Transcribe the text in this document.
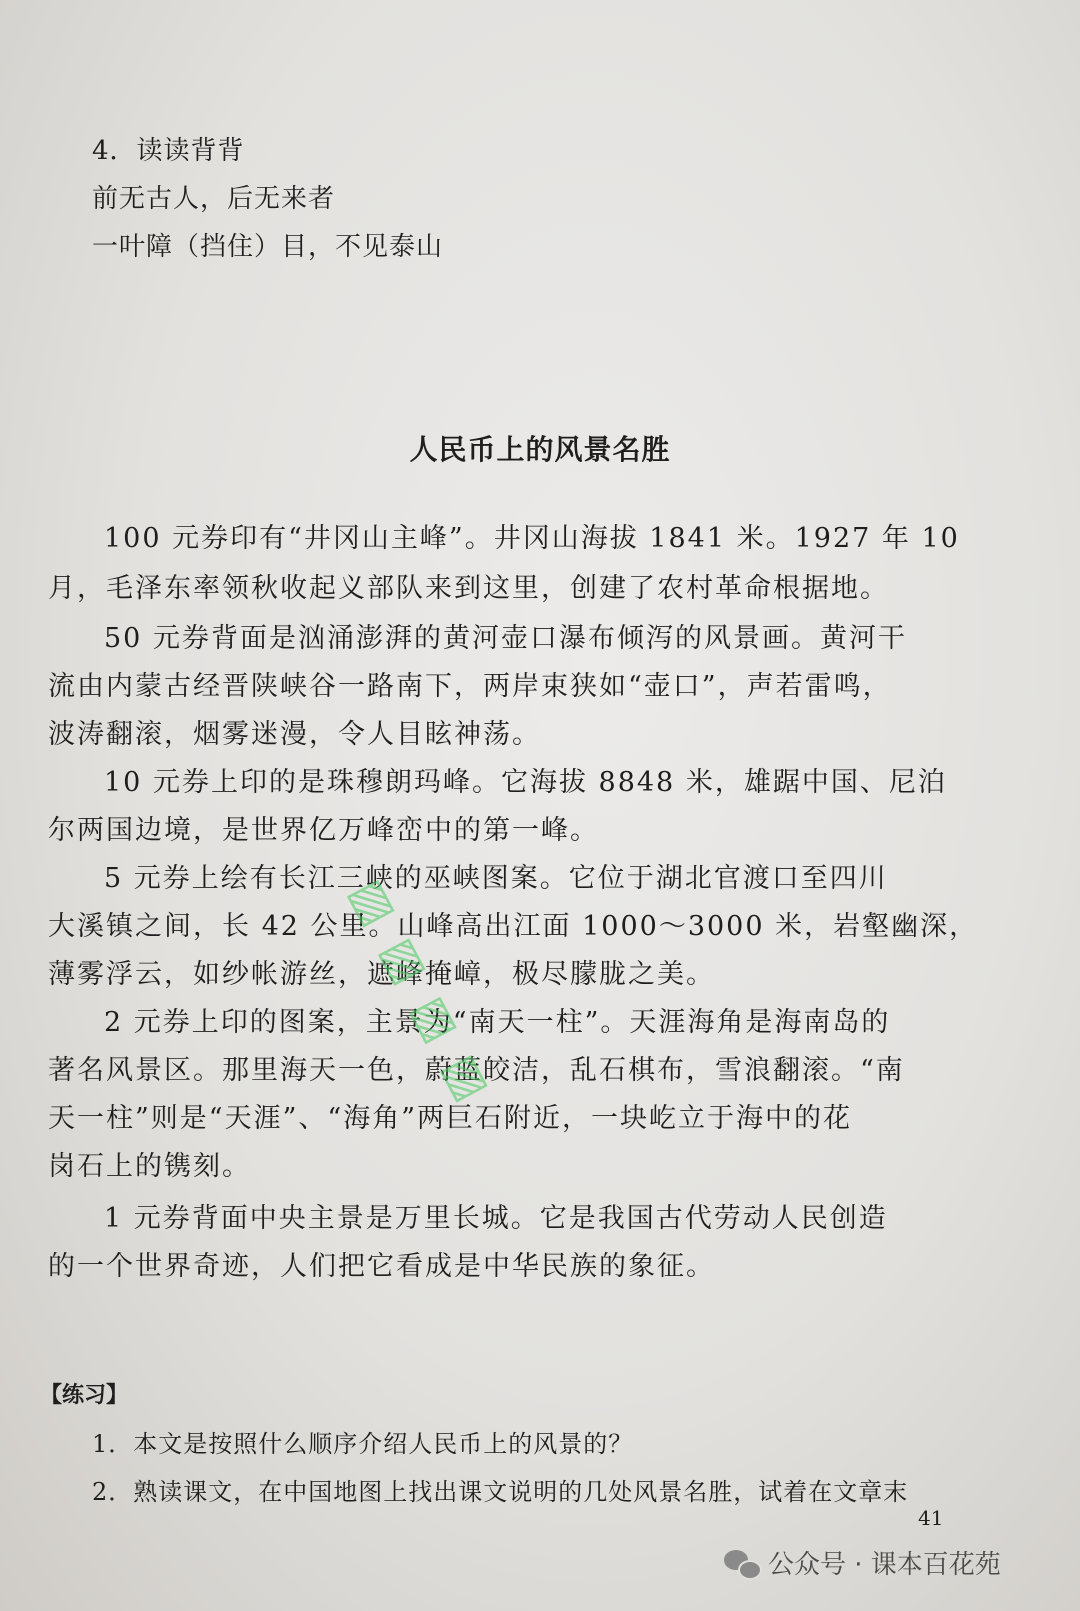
4．读读背背
前无古人，后无来者
一叶障（挡住）目，不见泰山
人民币上的风景名胜
100 元券印有“井冈山主峰”。井冈山海拔 1841 米。1927 年 10
月，毛泽东率领秋收起义部队来到这里，创建了农村革命根据地。
50 元券背面是汹涌澎湃的黄河壶口瀑布倾泻的风景画。黄河干
流由内蒙古经晋陕峡谷一路南下，两岸束狭如“壶口”，声若雷鸣，
波涛翻滚，烟雾迷漫，令人目眩神荡。
10 元券上印的是珠穆朗玛峰。它海拔 8848 米，雄踞中国、尼泊
尔两国边境，是世界亿万峰峦中的第一峰。
5 元券上绘有长江三峡的巫峡图案。它位于湖北官渡口至四川
大溪镇之间，长 42 公里。山峰高出江面 1000～3000 米，岩壑幽深，
薄雾浮云，如纱帐游丝，遮峰掩嶂，极尽朦胧之美。
2 元券上印的图案，主景为“南天一柱”。天涯海角是海南岛的
著名风景区。那里海天一色，蔚蓝皎洁，乱石棋布，雪浪翻滚。“南
天一柱”则是“天涯”、“海角”两巨石附近，一块屹立于海中的花
岗石上的镌刻。
1 元券背面中央主景是万里长城。它是我国古代劳动人民创造
的一个世界奇迹，人们把它看成是中华民族的象征。
【练习】
1．本文是按照什么顺序介绍人民币上的风景的？
2．熟读课文，在中国地图上找出课文说明的几处风景名胜，试着在文章末
41
▨ ▨ ▨ ▨
公众号 · 课本百花苑
